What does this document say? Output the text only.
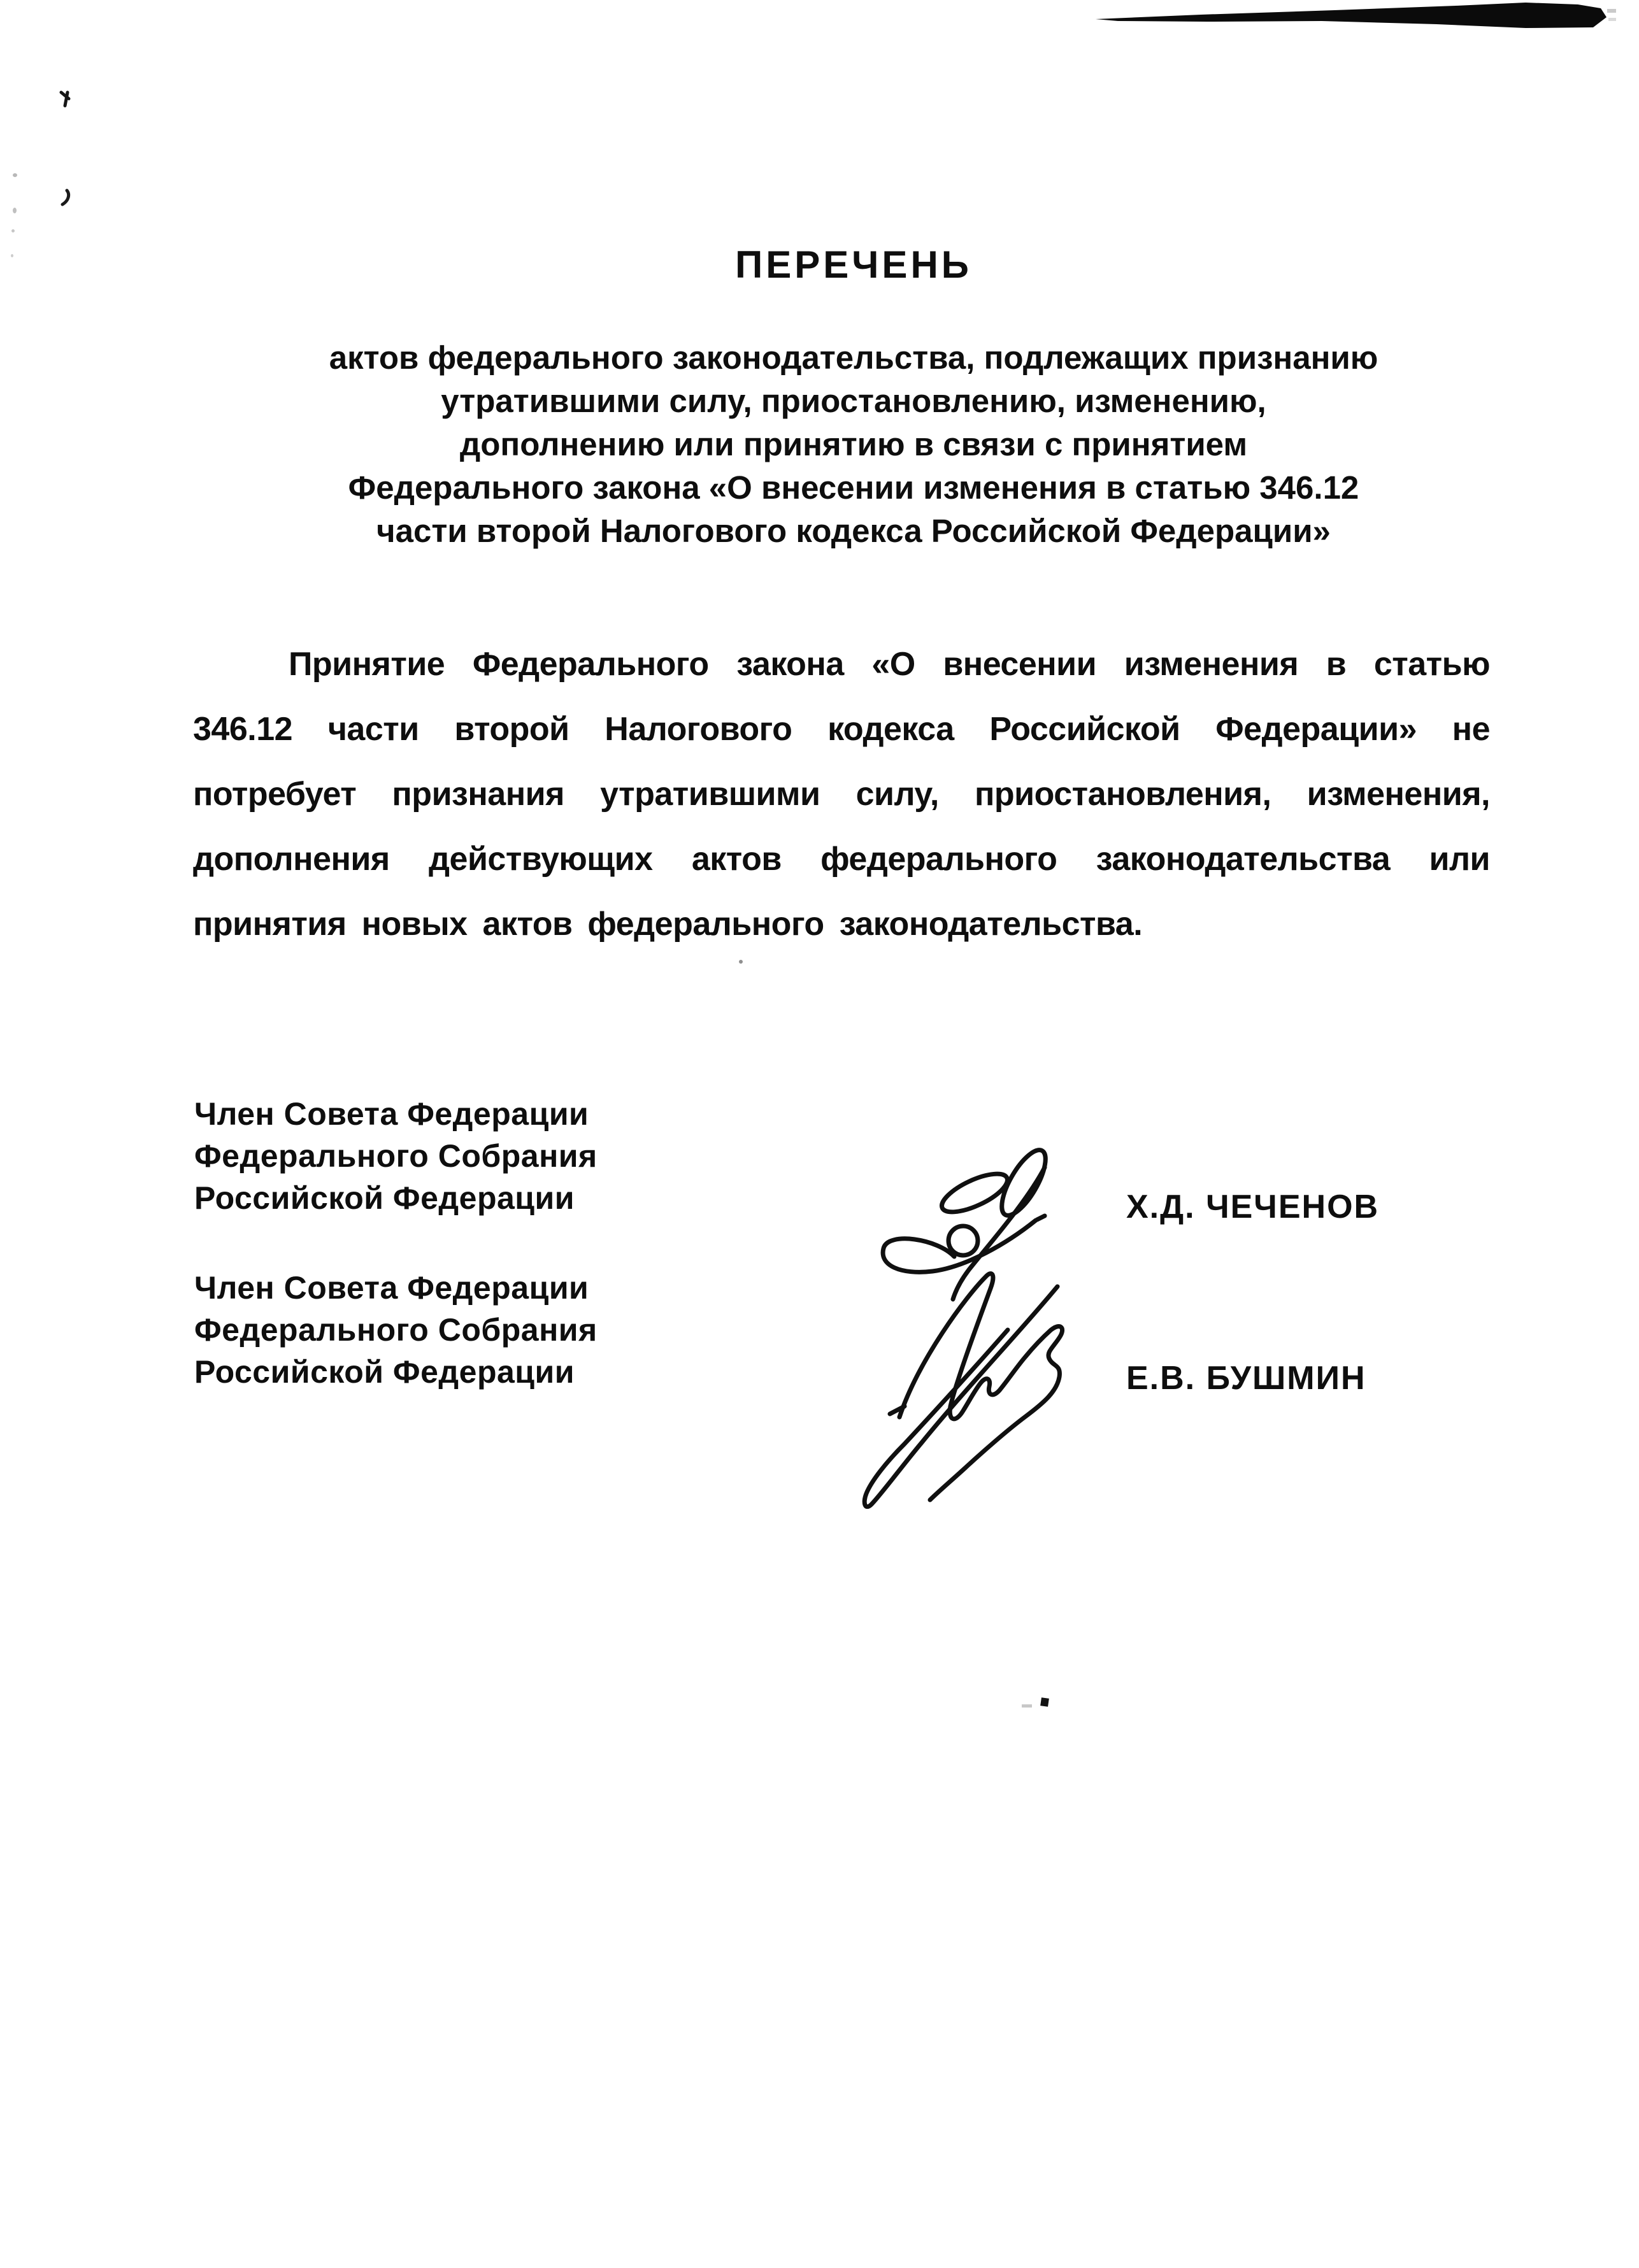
ПЕРЕЧЕНЬ
актов федерального законодательства, подлежащих признанию
утратившими силу, приостановлению, изменению,
дополнению или принятию в связи с принятием
Федерального закона «О внесении изменения в статью 346.12
части второй Налогового кодекса Российской Федерации»
Принятие Федерального закона «О внесении изменения в статью
346.12 части второй Налогового кодекса Российской Федерации» не
потребует признания утратившими силу, приостановления, изменения,
дополнения действующих актов федерального законодательства или
принятия новых актов федерального законодательства.
Член Совета Федерации
Федерального Собрания
Российской Федерации
Член Совета Федерации
Федерального Собрания
Российской Федерации
Х.Д. ЧЕЧЕНОВ
Е.В. БУШМИН
